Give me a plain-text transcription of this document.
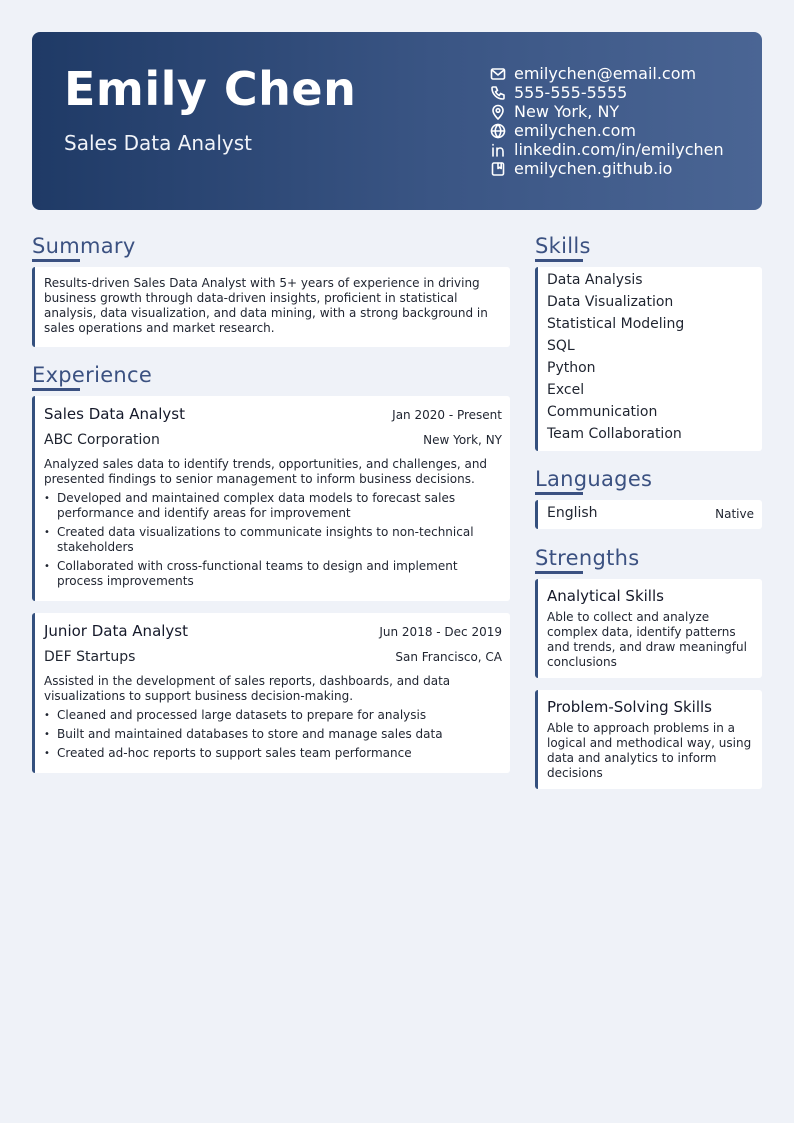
Emily Chen
Sales Data Analyst
emilychen@email.com
555-555-5555
New York, NY
emilychen.com
linkedin.com/in/emilychen
emilychen.github.io
Summary
Results-driven Sales Data Analyst with 5+ years of experience in driving business growth through data-driven insights, proficient in statistical analysis, data visualization, and data mining, with a strong background in sales operations and market research.
Experience
Sales Data Analyst	Jan 2020 - Present
ABC Corporation	New York, NY
Analyzed sales data to identify trends, opportunities, and challenges, and presented findings to senior management to inform business decisions.
• Developed and maintained complex data models to forecast sales performance and identify areas for improvement
• Created data visualizations to communicate insights to non-technical stakeholders
• Collaborated with cross-functional teams to design and implement process improvements
Junior Data Analyst	Jun 2018 - Dec 2019
DEF Startups	San Francisco, CA
Assisted in the development of sales reports, dashboards, and data visualizations to support business decision-making.
• Cleaned and processed large datasets to prepare for analysis
• Built and maintained databases to store and manage sales data
• Created ad-hoc reports to support sales team performance
Skills
Data Analysis
Data Visualization
Statistical Modeling
SQL
Python
Excel
Communication
Team Collaboration
Languages
English	Native
Strengths
Analytical Skills
Able to collect and analyze complex data, identify patterns and trends, and draw meaningful conclusions
Problem-Solving Skills
Able to approach problems in a logical and methodical way, using data and analytics to inform decisions
